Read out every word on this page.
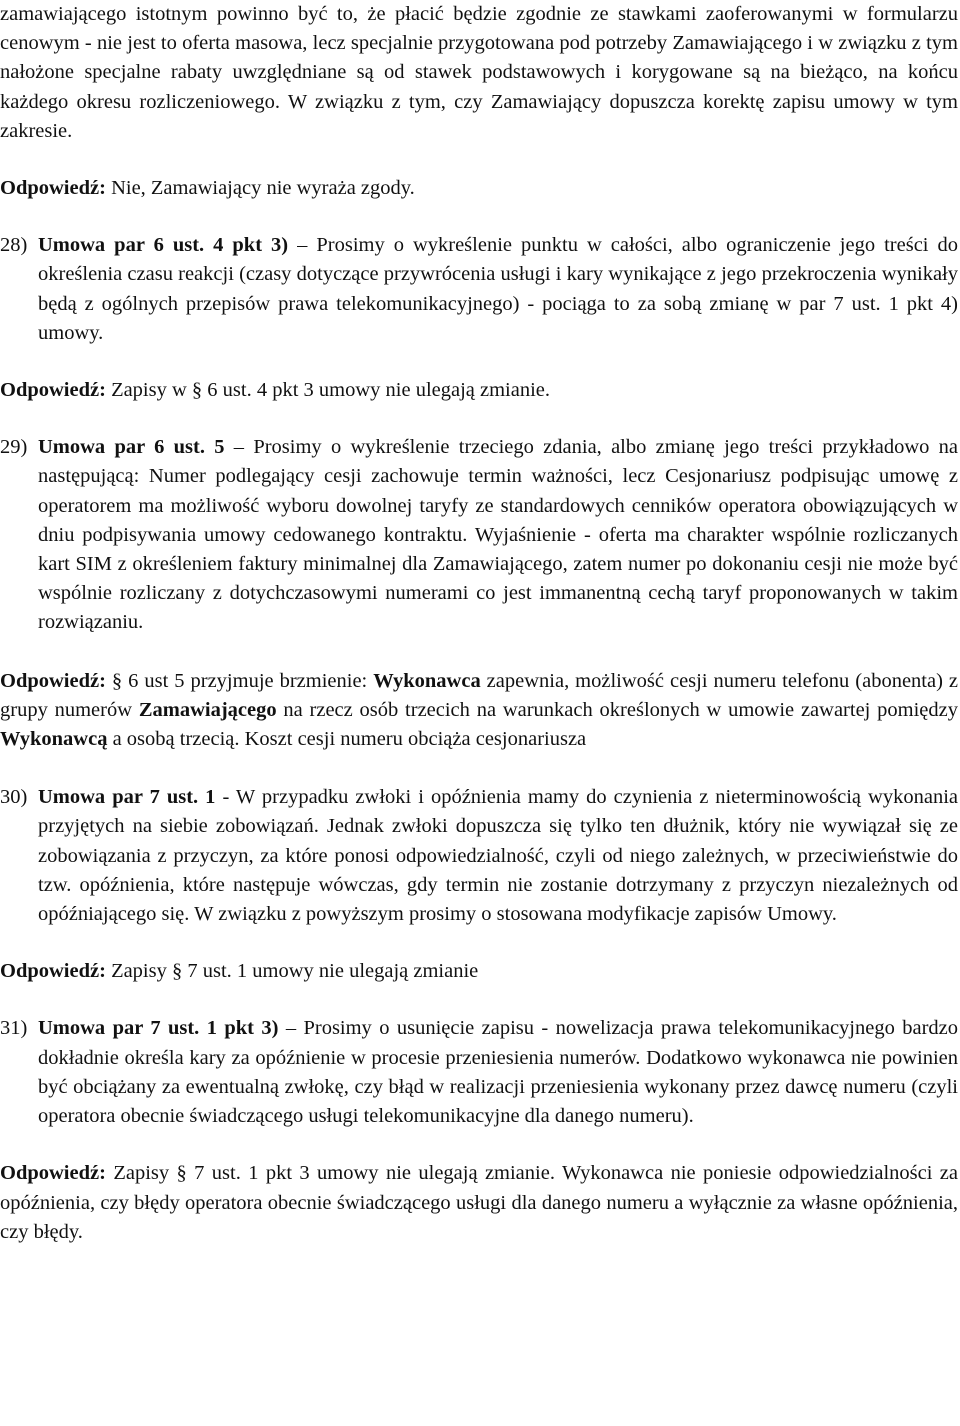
zamawiającego istotnym powinno być to, że płacić będzie zgodnie ze stawkami zaoferowanymi w formularzu cenowym - nie jest to oferta masowa, lecz specjalnie przygotowana pod potrzeby Zamawiającego i w związku z tym nałożone specjalne rabaty uwzględniane są od stawek podstawowych i korygowane są na bieżąco, na końcu każdego okresu rozliczeniowego. W związku z tym, czy Zamawiający dopuszcza korektę zapisu umowy w tym zakresie.

Odpowiedź: Nie, Zamawiający nie wyraża zgody.

28) Umowa par 6 ust. 4 pkt 3) – Prosimy o wykreślenie punktu w całości, albo ograniczenie jego treści do określenia czasu reakcji (czasy dotyczące przywrócenia usługi i kary wynikające z jego przekroczenia wynikały będą z ogólnych przepisów prawa telekomunikacyjnego) - pociąga to za sobą zmianę w par 7 ust. 1 pkt 4) umowy.

Odpowiedź: Zapisy w § 6 ust. 4 pkt 3 umowy nie ulegają zmianie.

29) Umowa par 6 ust. 5 – Prosimy o wykreślenie trzeciego zdania, albo zmianę jego treści przykładowo na następującą: Numer podlegający cesji zachowuje termin ważności, lecz Cesjonariusz podpisując umowę z operatorem ma możliwość wyboru dowolnej taryfy ze standardowych cenników operatora obowiązujących w dniu podpisywania umowy cedowanego kontraktu. Wyjaśnienie - oferta ma charakter wspólnie rozliczanych kart SIM z określeniem faktury minimalnej dla Zamawiającego, zatem numer po dokonaniu cesji nie może być wspólnie rozliczany z dotychczasowymi numerami co jest immanentną cechą taryf proponowanych w takim rozwiązaniu.

Odpowiedź: § 6 ust 5 przyjmuje brzmienie: Wykonawca zapewnia, możliwość cesji numeru telefonu (abonenta) z grupy numerów Zamawiającego na rzecz osób trzecich na warunkach określonych w umowie zawartej pomiędzy Wykonawcą a osobą trzecią. Koszt cesji numeru obciąża cesjonariusza

30) Umowa par 7 ust. 1 - W przypadku zwłoki i opóźnienia mamy do czynienia z nieterminowością wykonania przyjętych na siebie zobowiązań. Jednak zwłoki dopuszcza się tylko ten dłużnik, który nie wywiązał się ze zobowiązania z przyczyn, za które ponosi odpowiedzialność, czyli od niego zależnych, w przeciwieństwie do tzw. opóźnienia, które następuje wówczas, gdy termin nie zostanie dotrzymany z przyczyn niezależnych od opóźniającego się. W związku z powyższym prosimy o stosowana modyfikacje zapisów Umowy.

Odpowiedź: Zapisy § 7 ust. 1 umowy nie ulegają zmianie

31) Umowa par 7 ust. 1 pkt 3) – Prosimy o usunięcie zapisu - nowelizacja prawa telekomunikacyjnego bardzo dokładnie określa kary za opóźnienie w procesie przeniesienia numerów. Dodatkowo wykonawca nie powinien być obciążany za ewentualną zwłokę, czy błąd w realizacji przeniesienia wykonany przez dawcę numeru (czyli operatora obecnie świadczącego usługi telekomunikacyjne dla danego numeru).

Odpowiedź: Zapisy § 7 ust. 1 pkt 3 umowy nie ulegają zmianie. Wykonawca nie poniesie odpowiedzialności za opóźnienia, czy błędy operatora obecnie świadczącego usługi dla danego numeru a wyłącznie za własne opóźnienia, czy błędy.
